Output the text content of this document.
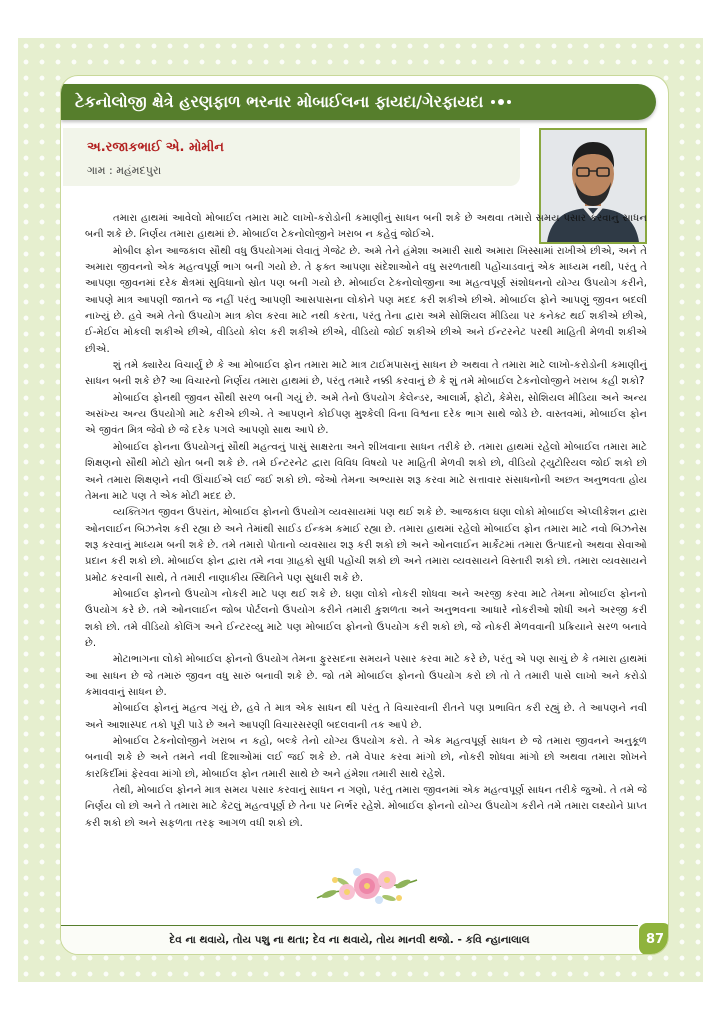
ટેકનોલોજી ક્ષેત્રે હરણફાળ ભરનાર મોબાઈલના ફાયદા/ગેરફાયદા
અ.રજાકભાઈ એ. મોમીન
ગામ : મહંમદપુરા

તમારા હાથમાં આવેલો મોબાઈલ તમારા માટે લાખો-કરોડોની કમાણીનું સાધન બની શકે છે અથવા તમારો સમય પસાર કરવાનું સાધન બની શકે છે. નિર્ણય તમારા હાથમાં છે. મોબાઈલ ટેકનોલોજીને ખરાબ ન કહેવું જોઈએ.

મોબીલ ફોન આજકાલ સૌથી વધુ ઉપયોગમાં લેવાતું ગેજેટ છે. અમે તેને હંમેશા અમારી સાથે અમારા ખિસ્સામાં રાખીએ છીએ, અને તે અમારા જીવનનો એક મહત્વપૂર્ણ ભાગ બની ગયો છે. તે ફક્ત આપણા સંદેશાઓને વધુ સરળતાથી પહોંચાડવાનું એક માધ્યમ નથી, પરંતુ તે આપણા જીવનમાં દરેક ક્ષેત્રમાં સુવિધાનો સ્રોત પણ બની ગયો છે. મોબાઈલ ટેકનોલોજીના આ મહત્વપૂર્ણ સંશોધનનો યોગ્ય ઉપયોગ કરીને, આપણે માત્ર આપણી જાતને જ નહીં પરંતુ આપણી આસપાસના લોકોને પણ મદદ કરી શકીએ છીએ. મોબાઈલ ફોને આપણું જીવન બદલી નાખ્યું છે. હવે અમે તેનો ઉપયોગ માત્ર કોલ કરવા માટે નથી કરતા, પરંતુ તેના દ્વારા અમે સોશિયલ મીડિયા પર કનેક્ટ થઈ શકીએ છીએ, ઈ-મેઈલ મોકલી શકીએ છીએ, વીડિયો કોલ કરી શકીએ છીએ, વીડિયો જોઈ શકીએ છીએ અને ઈન્ટરનેટ પરથી માહિતી મેળવી શકીએ છીએ.

શું તમે ક્યારેય વિચાર્યું છે કે આ મોબાઈલ ફોન તમારા માટે માત્ર ટાઈમપાસનું સાધન છે અથવા તે તમારા માટે લાખો-કરોડોની કમાણીનું સાધન બની શકે છે? આ વિચારનો નિર્ણય તમારા હાથમાં છે, પરંતુ તમારે નક્કી કરવાનું છે કે શું તમે મોબાઈલ ટેકનોલોજીને ખરાબ કહી શકો?

મોબાઈલ ફોનથી જીવન સૌથી સરળ બની ગયું છે. અમે તેનો ઉપયોગ કેલેન્ડર, આલાર્મ, ફોટો, કેમેરા, સોશિયલ મીડિયા અને અન્ય અસંખ્ય અન્ય ઉપયોગો માટે કરીએ છીએ. તે આપણને કોઈપણ મુશ્કેલી વિના વિશ્વના દરેક ભાગ સાથે જોડે છે. વાસ્તવમાં, મોબાઈલ ફોન એ જીવંત મિત્ર જેવો છે જે દરેક પગલે આપણો સાથ આપે છે.

મોબાઈલ ફોનના ઉપયોગનું સૌથી મહત્વનું પાસું સાક્ષરતા અને શીખવાના સાધન તરીકે છે. તમારા હાથમાં રહેલો મોબાઈલ તમારા માટે શિક્ષણનો સૌથી મોટો સ્રોત બની શકે છે. તમે ઈન્ટરનેટ દ્વારા વિવિધ વિષયો પર માહિતી મેળવી શકો છો, વીડિયો ટ્યુટોરિયલ જોઈ શકો છો અને તમારા શિક્ષણને નવી ઊંચાઈએ લઈ જઈ શકો છો. જેઓ તેમના અભ્યાસ શરૂ કરવા માટે સત્તાવાર સંસાધનોની અછત અનુભવતા હોય તેમના માટે પણ તે એક મોટી મદદ છે.

વ્યક્તિગત જીવન ઉપરાંત, મોબાઈલ ફોનનો ઉપયોગ વ્યવસાયમાં પણ થઈ શકે છે. આજકાલ ઘણા લોકો મોબાઈલ એપ્લીકેશન દ્વારા ઓનલાઈન બિઝનેશ કરી રહ્યા છે અને તેમાંથી સાઈડ ઈન્કમ કમાઈ રહ્યા છે. તમારા હાથમાં રહેલો મોબાઈલ ફોન તમારા માટે નવો બિઝનેસ શરૂ કરવાનું માધ્યમ બની શકે છે. તમે તમારો પોતાનો વ્યવસાય શરૂ કરી શકો છો અને ઓનલાઈન માર્કેટમાં તમારા ઉત્પાદનો અથવા સેવાઓ પ્રદાન કરી શકો છો. મોબાઈલ ફોન દ્વારા તમે નવા ગ્રાહકો સુધી પહોંચી શકો છો અને તમારા વ્યવસાયને વિસ્તારી શકો છો. તમારા વ્યવસાયને પ્રમોટ કરવાની સાથે, તે તમારી નાણાકીય સ્થિતિને પણ સુધારી શકે છે.

મોબાઈલ ફોનનો ઉપયોગ નોકરી માટે પણ થઈ શકે છે. ઘણા લોકો નોકરી શોધવા અને અરજી કરવા માટે તેમના મોબાઈલ ફોનનો ઉપયોગ કરે છે. તમે ઓનલાઈન જોબ પોર્ટલનો ઉપયોગ કરીને તમારી કુશળતા અને અનુભવના આધારે નોકરીઓ શોધી અને અરજી કરી શકો છો. તમે વીડિયો કોલિંગ અને ઈન્ટરવ્યુ માટે પણ મોબાઈલ ફોનનો ઉપયોગ કરી શકો છો, જે નોકરી મેળવવાની પ્રક્રિયાને સરળ બનાવે છે.

મોટાભાગના લોકો મોબાઈલ ફોનનો ઉપયોગ તેમના ફુરસદના સમયને પસાર કરવા માટે કરે છે, પરંતુ એ પણ સાચું છે કે તમારા હાથમાં આ સાધન છે જે તમારું જીવન વધુ સારું બનાવી શકે છે. જો તમે મોબાઈલ ફોનનો ઉપયોગ કરો છો તો તે તમારી પાસે લાખો અને કરોડો કમાવવાનું સાધન છે.

મોબાઈલ ફોનનું મહત્વ ગયું છે, હવે તે માત્ર એક સાધન થી પરંતુ તે વિચારવાની રીતને પણ પ્રભાવિત કરી રહ્યું છે. તે આપણને નવી અને આશાસ્પદ તકો પૂરી પાડે છે અને આપણી વિચારસરણી બદલવાની તક આપે છે.

મોબાઈલ ટેકનોલોજીને ખરાબ ન કહો, બલ્કે તેનો યોગ્ય ઉપયોગ કરો. તે એક મહત્વપૂર્ણ સાધન છે જે તમારા જીવનને અનુકૂળ બનાવી શકે છે અને તમને નવી દિશાઓમાં લઈ જઈ શકે છે. તમે વેપાર કરવા માંગો છો, નોકરી શોધવા માંગો છો અથવા તમારા શોખને કારકિર્દીમાં ફેરવવા માંગો છો, મોબાઈલ ફોન તમારી સાથે છે અને હંમેશા તમારી સાથે રહેશે.

તેથી, મોબાઈલ ફોનને માત્ર સમય પસાર કરવાનું સાધન ન ગણો, પરંતુ તમારા જીવનમાં એક મહત્વપૂર્ણ સાધન તરીકે જુઓ. તે તમે જે નિર્ણય લો છો અને તે તમારા માટે કેટલું મહત્વપૂર્ણ છે તેના પર નિર્ભર રહેશે. મોબાઈલ ફોનનો યોગ્ય ઉપયોગ કરીને તમે તમારા લક્ષ્યોને પ્રાપ્ત કરી શકો છો અને સફળતા તરફ આગળ વધી શકો છો.

દેવ ના થવાયે, તોય પશુ ના થતા; દેવ ના થવાયે, તોય માનવી થજો. - કવિ ન્હાનાલાલ	87
